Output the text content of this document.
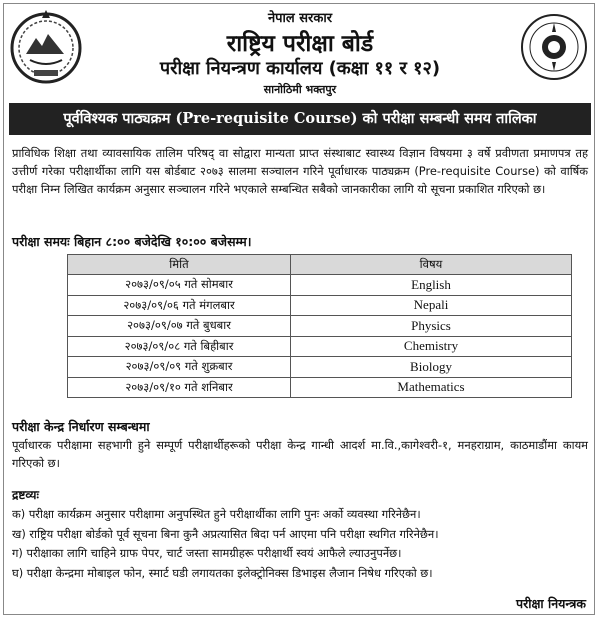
नेपाल सरकार
राष्ट्रिय परीक्षा बोर्ड
परीक्षा नियन्त्रण कार्यालय (कक्षा ११ र १२)
सानोठिमी भक्तपुर
पूर्वविश्यक पाठ्यक्रम (Pre-requisite Course) को परीक्षा सम्बन्धी समय तालिका
प्राविधिक शिक्षा तथा व्यावसायिक तालिम परिषद् वा सोद्वारा मान्यता प्राप्त संस्थाबाट स्वास्थ्य विज्ञान विषयमा ३ वर्षे प्रवीणता प्रमाणपत्र तह उत्तीर्ण गरेका परीक्षार्थीका लागि यस बोर्डबाट २०७३ सालमा सञ्चालन गरिने पूर्वाधारक पाठ्यक्रम (Pre-requisite Course) को वार्षिक परीक्षा निम्न लिखित कार्यक्रम अनुसार सञ्चालन गरिने भएकाले सम्बन्धित सबैको जानकारीका लागि यो सूचना प्रकाशित गरिएको छ।
परीक्षा समयः बिहान ८:०० बजेदेखि १०:०० बजेसम्म।
मिति	विषय
२०७३/०९/०५ गते सोमबार	English
२०७३/०९/०६ गते मंगलबार	Nepali
२०७३/०९/०७ गते बुधबार	Physics
२०७३/०९/०८ गते बिहीबार	Chemistry
२०७३/०९/०९ गते शुक्रबार	Biology
२०७३/०९/१० गते शनिबार	Mathematics
परीक्षा केन्द्र निर्धारण सम्बन्धमा
पूर्वाधारक परीक्षामा सहभागी हुने सम्पूर्ण परीक्षार्थीहरूको परीक्षा केन्द्र गान्धी आदर्श मा.वि.,कागेश्वरी-१, मनहराग्राम, काठमाडौंमा कायम गरिएको छ।
द्रष्टव्यः
क) परीक्षा कार्यक्रम अनुसार परीक्षामा अनुपस्थित हुने परीक्षार्थीका लागि पुनः अर्को व्यवस्था गरिनेछैन।
ख) राष्ट्रिय परीक्षा बोर्डको पूर्व सूचना बिना कुनै अप्रत्यासित बिदा पर्न आएमा पनि परीक्षा स्थगित गरिनेछैन।
ग) परीक्षाका लागि चाहिने ग्राफ पेपर, चार्ट जस्ता सामग्रीहरू परीक्षार्थी स्वयं आफैले ल्याउनुपर्नेछ।
घ) परीक्षा केन्द्रमा मोबाइल फोन, स्मार्ट घडी लगायतका इलेक्ट्रोनिक्स डिभाइस लैजान निषेध गरिएको छ।
परीक्षा नियन्त्रक
